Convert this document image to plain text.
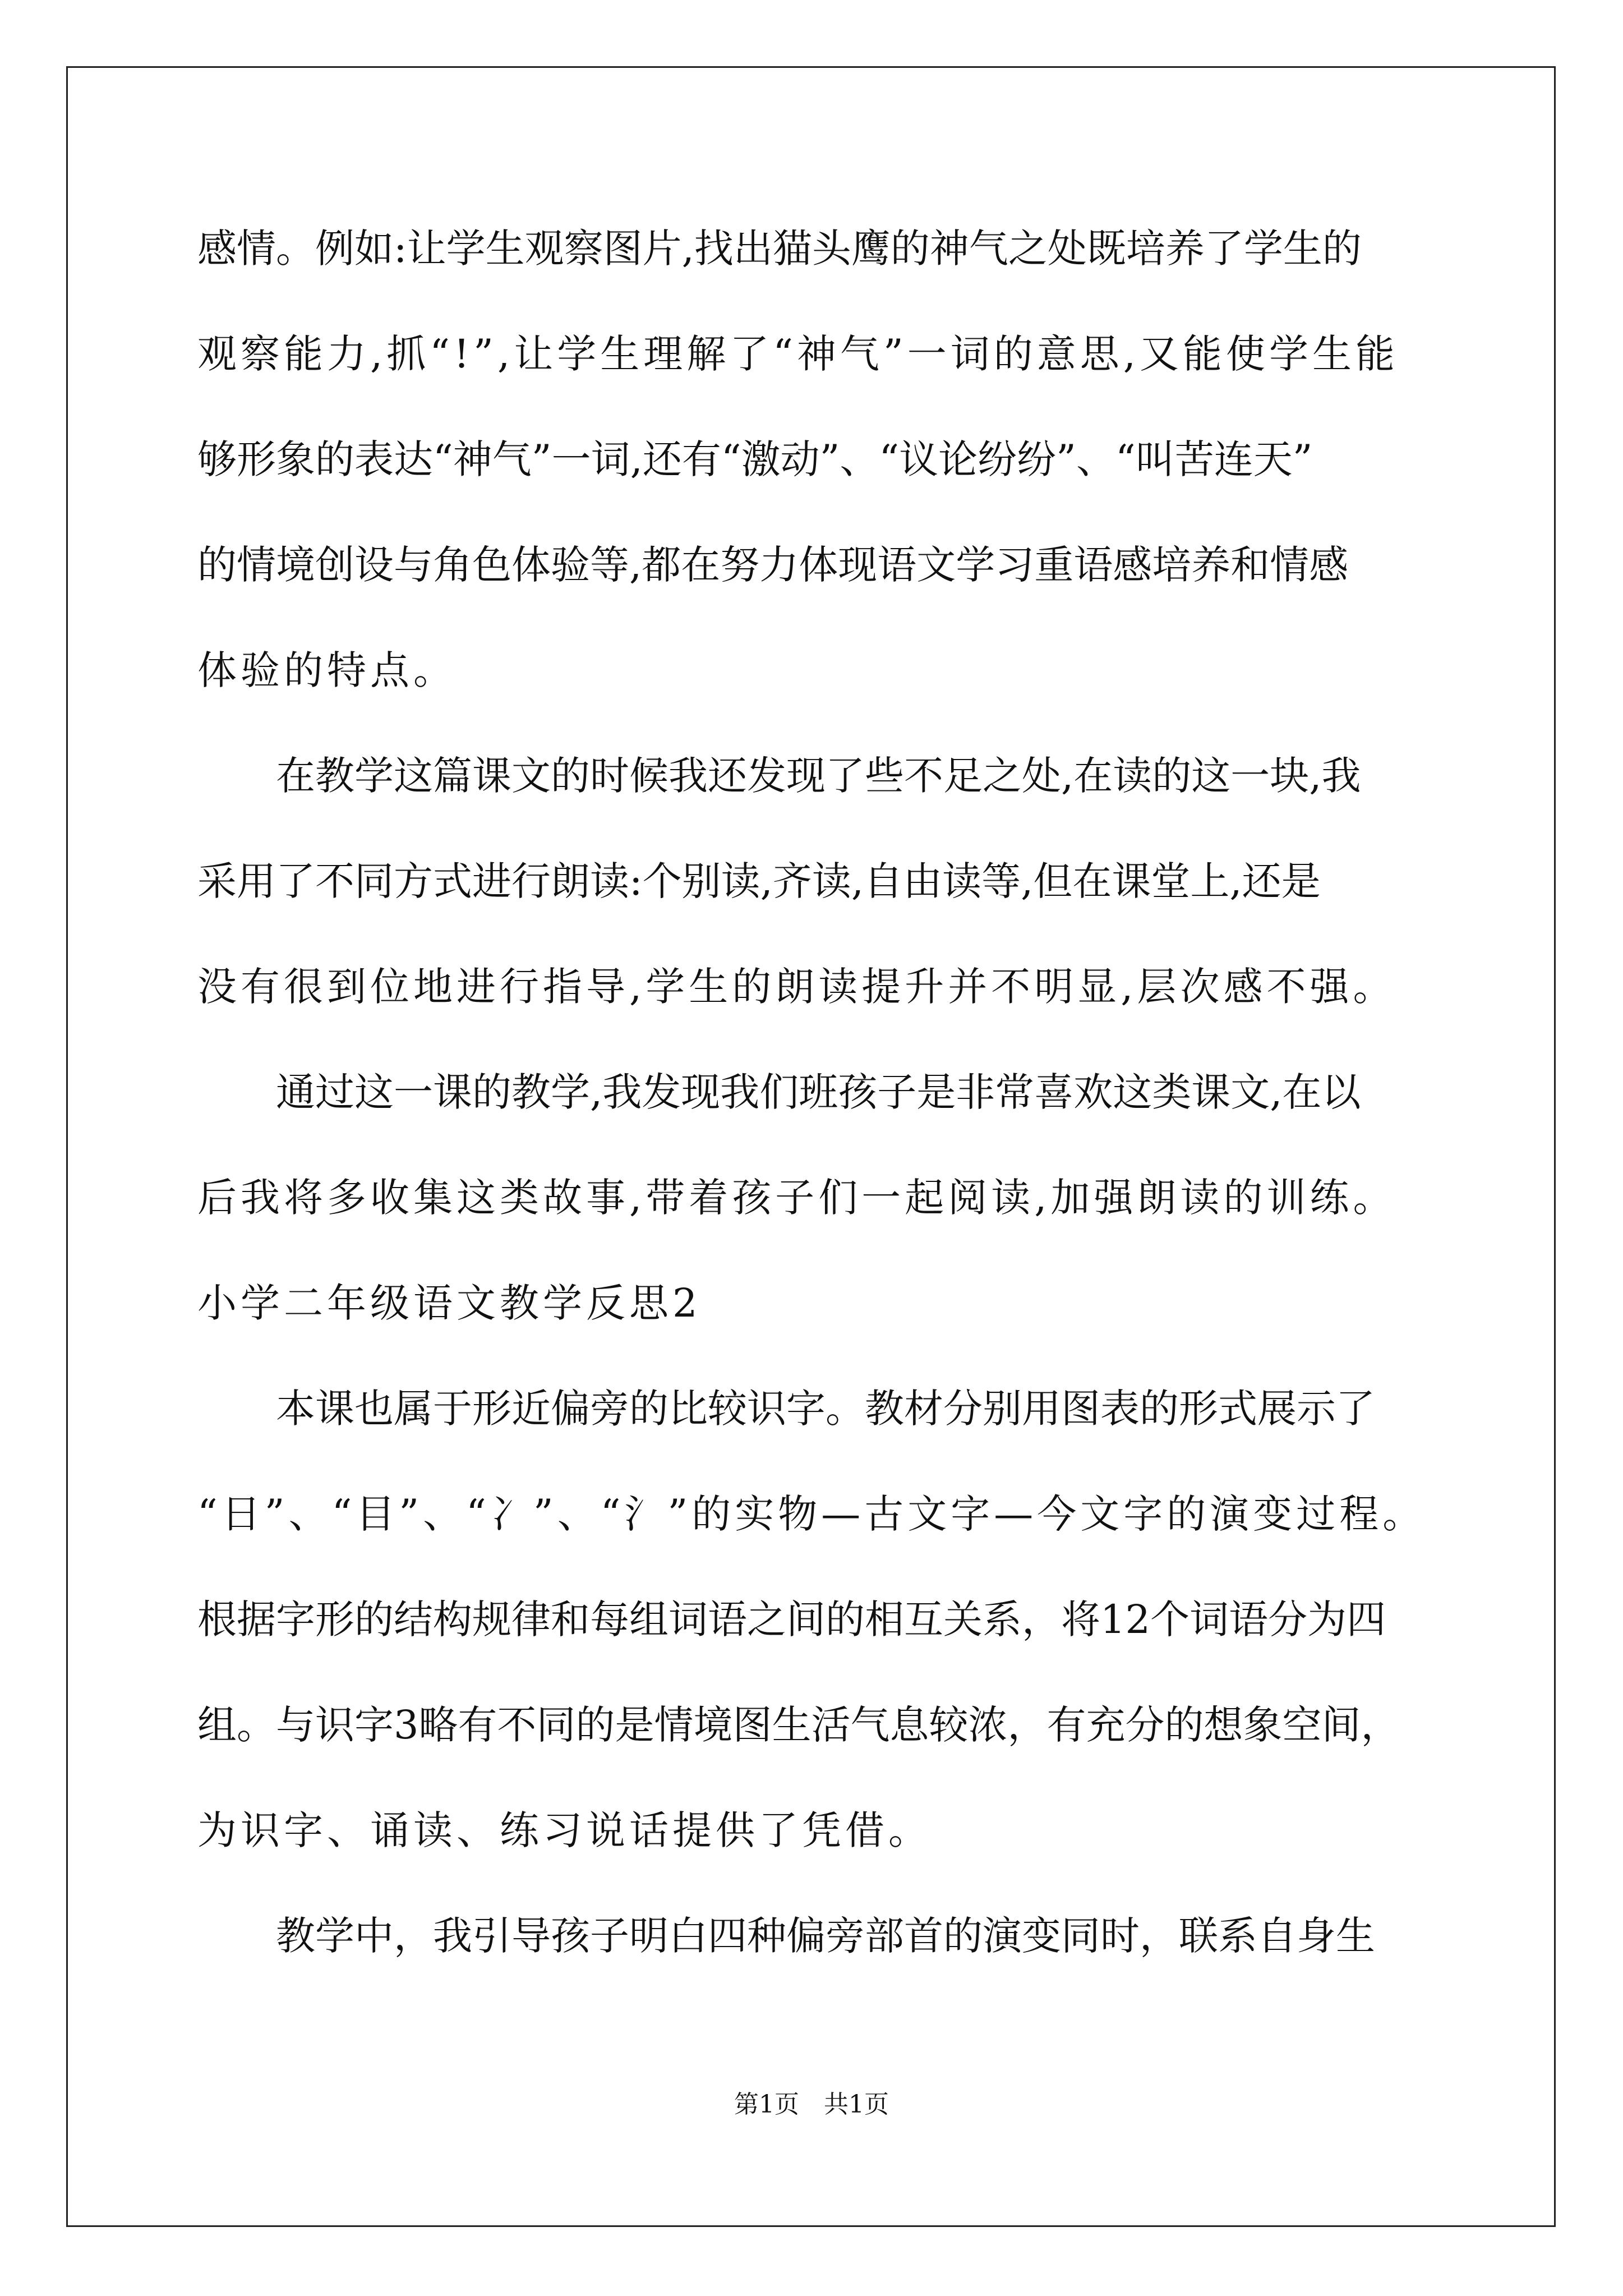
感情。例如:让学生观察图片,找出猫头鹰的神气之处既培养了学生的
观察能力,抓“!”,让学生理解了“神气”一词的意思,又能使学生能
够形象的表达“神气”一词,还有“激动”、“议论纷纷”、“叫苦连天”
的情境创设与角色体验等,都在努力体现语文学习重语感培养和情感
体验的特点。
　　在教学这篇课文的时候我还发现了些不足之处,在读的这一块,我
采用了不同方式进行朗读:个别读,齐读,自由读等,但在课堂上,还是
没有很到位地进行指导,学生的朗读提升并不明显,层次感不强。
　　通过这一课的教学,我发现我们班孩子是非常喜欢这类课文,在以
后我将多收集这类故事,带着孩子们一起阅读,加强朗读的训练。
小学二年级语文教学反思2
　　本课也属于形近偏旁的比较识字。教材分别用图表的形式展示了
“日”、“目”、“冫”、“氵”的实物—古文字—今文字的演变过程。
根据字形的结构规律和每组词语之间的相互关系，将12个词语分为四
组。与识字3略有不同的是情境图生活气息较浓，有充分的想象空间，
为识字、诵读、练习说话提供了凭借。
　　教学中，我引导孩子明白四种偏旁部首的演变同时，联系自身生
第1页　共1页
